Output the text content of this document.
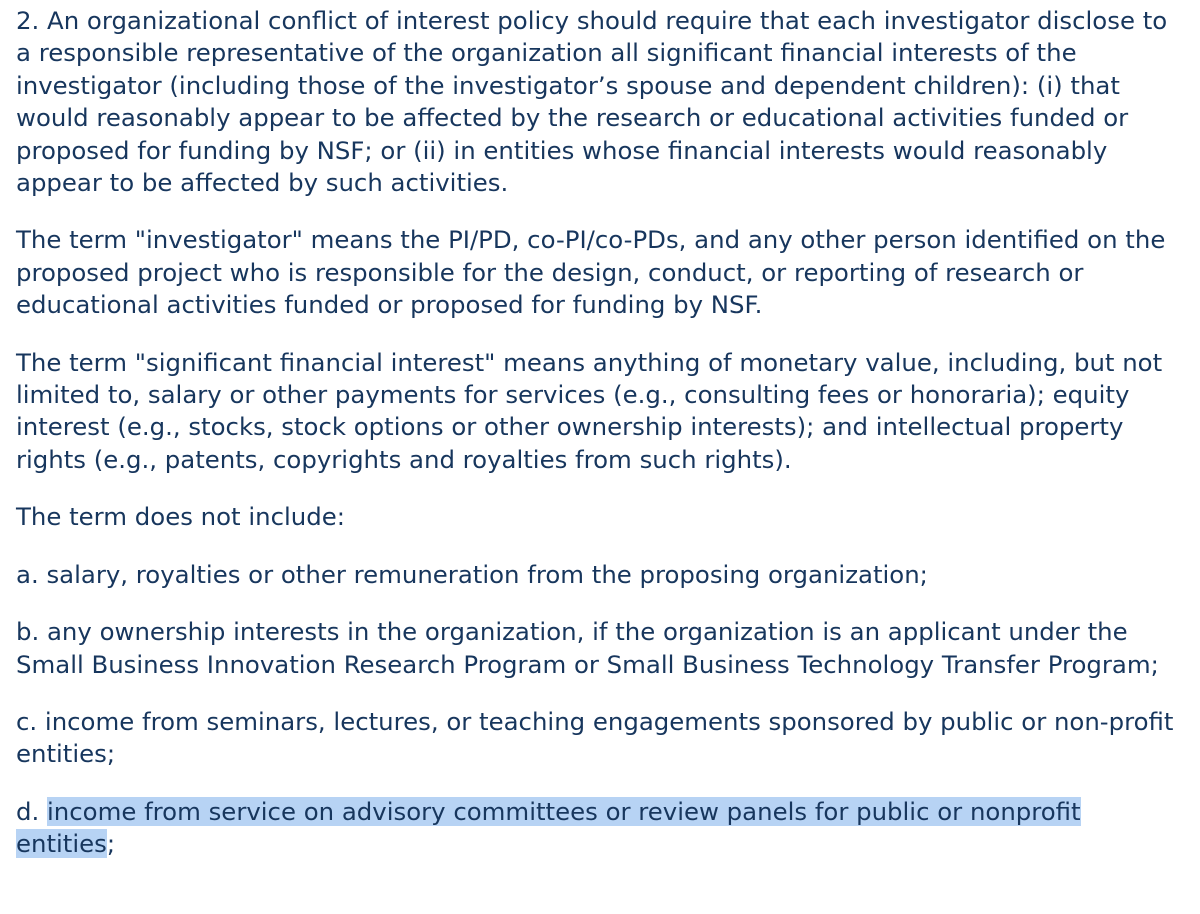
2. An organizational conflict of interest policy should require that each investigator disclose to a responsible representative of the organization all significant financial interests of the investigator (including those of the investigator’s spouse and dependent children): (i) that would reasonably appear to be affected by the research or educational activities funded or proposed for funding by NSF; or (ii) in entities whose financial interests would reasonably appear to be affected by such activities.

The term "investigator" means the PI/PD, co-PI/co-PDs, and any other person identified on the proposed project who is responsible for the design, conduct, or reporting of research or educational activities funded or proposed for funding by NSF.

The term "significant financial interest" means anything of monetary value, including, but not limited to, salary or other payments for services (e.g., consulting fees or honoraria); equity interest (e.g., stocks, stock options or other ownership interests); and intellectual property rights (e.g., patents, copyrights and royalties from such rights).

The term does not include:

a. salary, royalties or other remuneration from the proposing organization;

b. any ownership interests in the organization, if the organization is an applicant under the Small Business Innovation Research Program or Small Business Technology Transfer Program;

c. income from seminars, lectures, or teaching engagements sponsored by public or non-profit entities;

d. income from service on advisory committees or review panels for public or nonprofit entities;
